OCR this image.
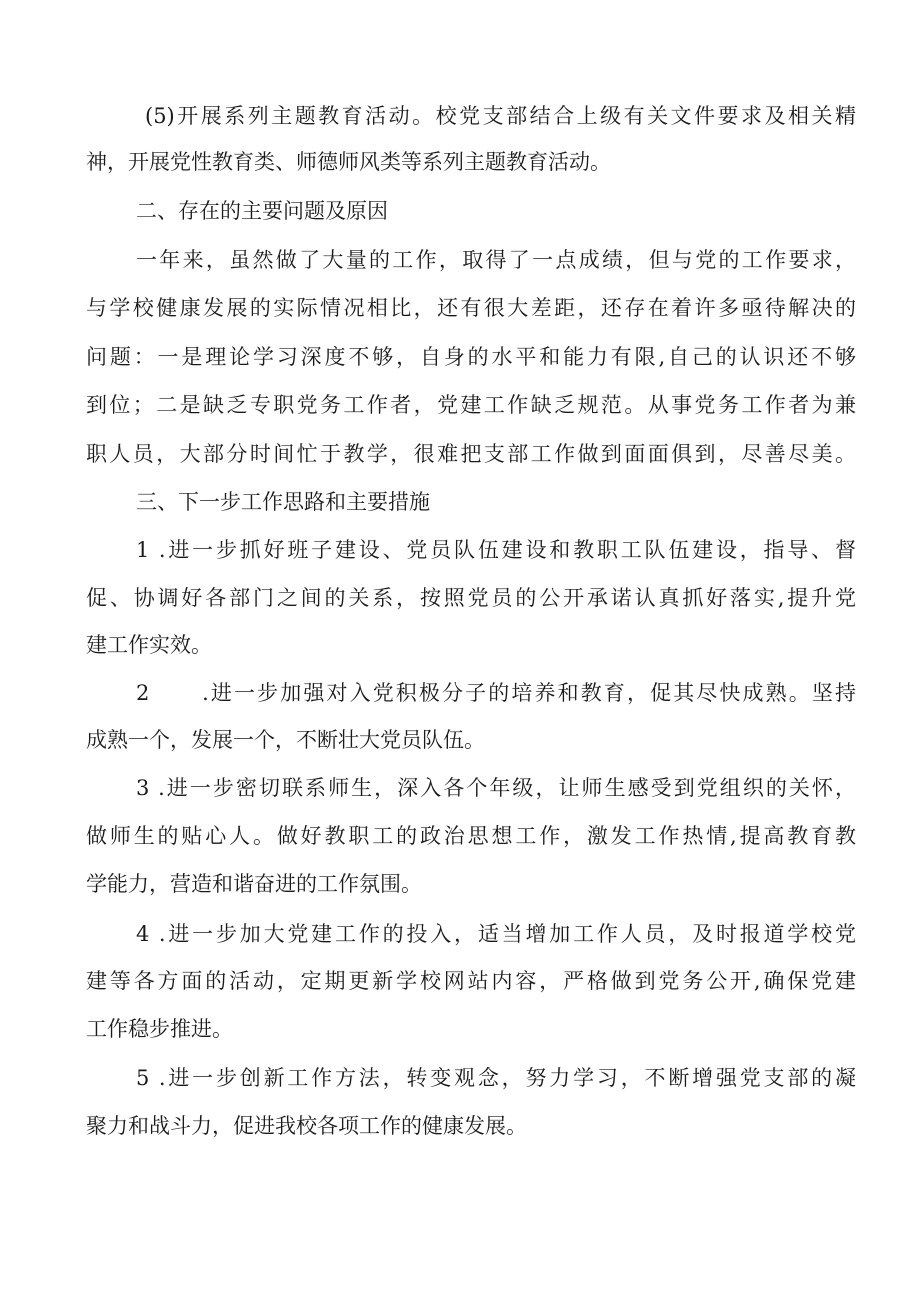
(5)开展系列主题教育活动。校党支部结合上级有关文件要求及相关精
神，开展党性教育类、师德师风类等系列主题教育活动。
二、存在的主要问题及原因
一年来，虽然做了大量的工作，取得了一点成绩，但与党的工作要求，
与学校健康发展的实际情况相比，还有很大差距，还存在着许多亟待解决的
问题：一是理论学习深度不够，自身的水平和能力有限,自己的认识还不够
到位；二是缺乏专职党务工作者，党建工作缺乏规范。从事党务工作者为兼
职人员，大部分时间忙于教学，很难把支部工作做到面面俱到，尽善尽美。
三、下一步工作思路和主要措施
1 .进一步抓好班子建设、党员队伍建设和教职工队伍建设，指导、督
促、协调好各部门之间的关系，按照党员的公开承诺认真抓好落实,提升党
建工作实效。
2      .进一步加强对入党积极分子的培养和教育，促其尽快成熟。坚持
成熟一个，发展一个，不断壮大党员队伍。
3 .进一步密切联系师生，深入各个年级，让师生感受到党组织的关怀，
做师生的贴心人。做好教职工的政治思想工作，激发工作热情,提高教育教
学能力，营造和谐奋进的工作氛围。
4 .进一步加大党建工作的投入，适当增加工作人员，及时报道学校党
建等各方面的活动，定期更新学校网站内容，严格做到党务公开,确保党建
工作稳步推进。
5 .进一步创新工作方法，转变观念，努力学习，不断增强党支部的凝
聚力和战斗力，促进我校各项工作的健康发展。
